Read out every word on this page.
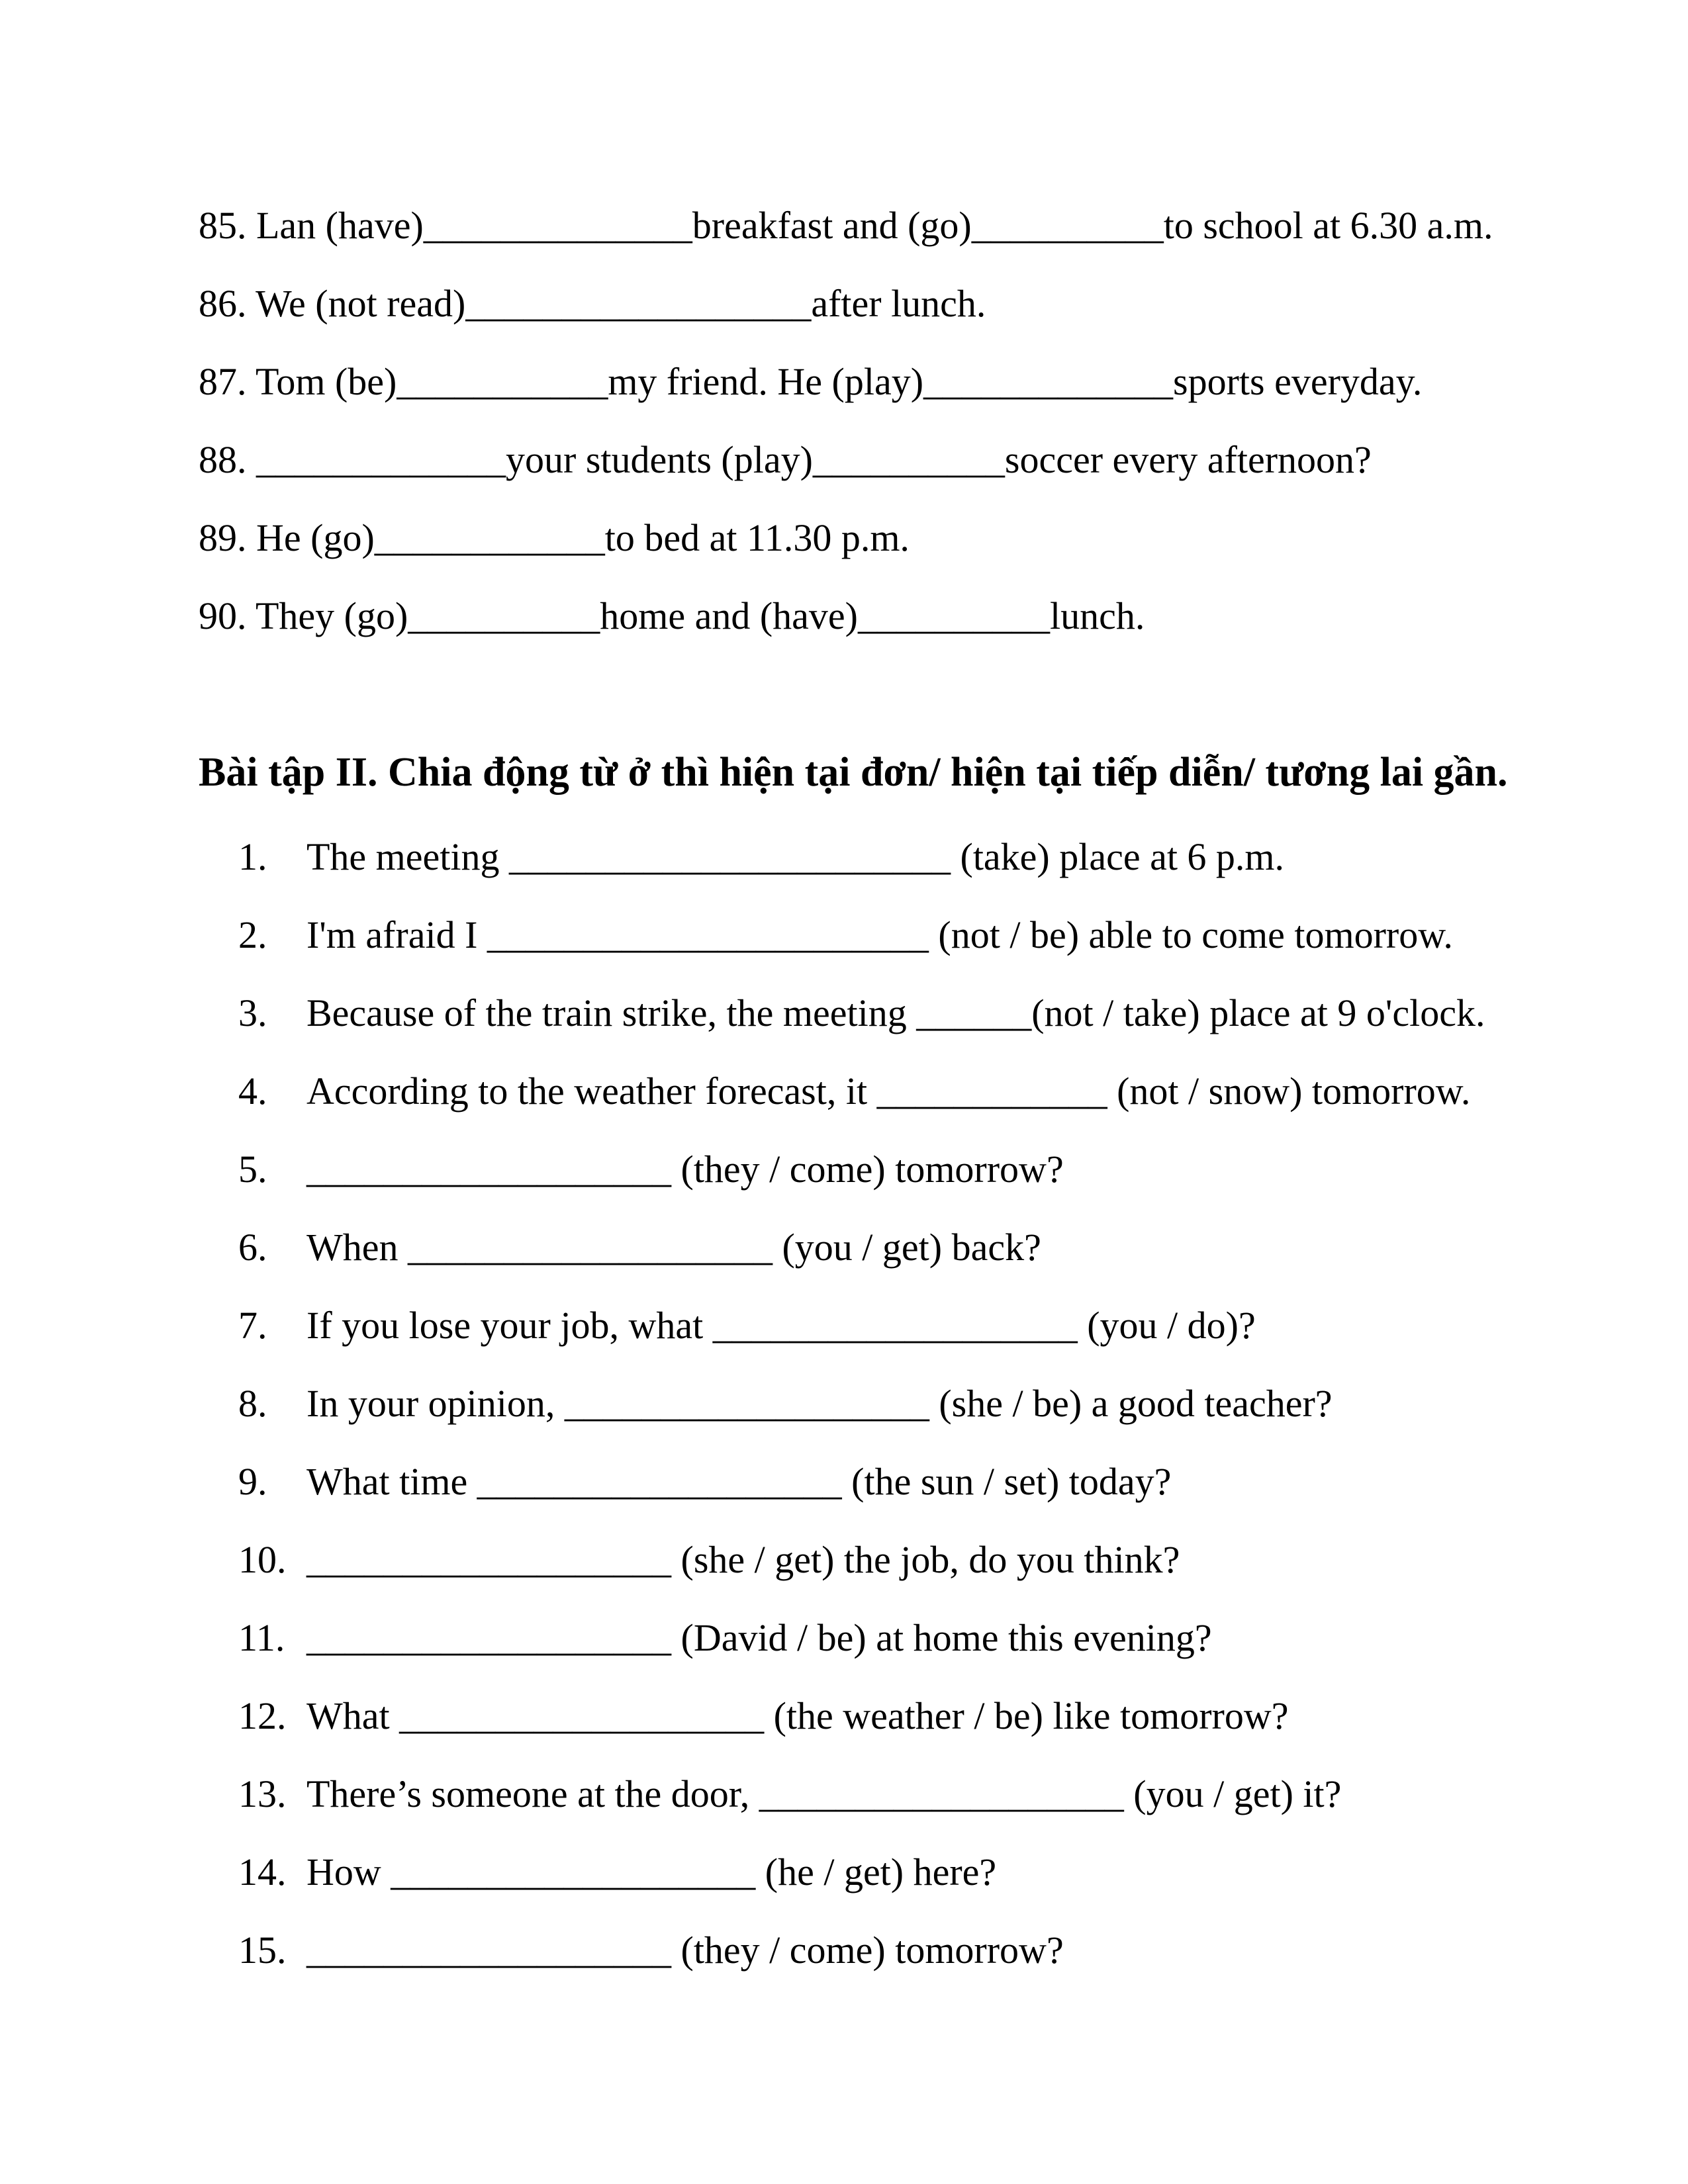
85. Lan (have)______________breakfast and (go)__________to school at 6.30 a.m.
86. We (not read)__________________after lunch.
87. Tom (be)___________my friend. He (play)_____________sports everyday.
88. _____________your students (play)__________soccer every afternoon?
89. He (go)____________to bed at 11.30 p.m.
90. They (go)__________home and (have)__________lunch.
Bài tập II. Chia động từ ở thì hiện tại đơn/ hiện tại tiếp diễn/ tương lai gần.
1.	The meeting _______________________ (take) place at 6 p.m.
2.	I'm afraid I _______________________ (not / be) able to come tomorrow.
3.	Because of the train strike, the meeting ______(not / take) place at 9 o'clock.
4.	According to the weather forecast, it ____________ (not / snow) tomorrow.
5.	___________________ (they / come) tomorrow?
6.	When ___________________ (you / get) back?
7.	If you lose your job, what ___________________ (you / do)?
8.	In your opinion, ___________________ (she / be) a good teacher?
9.	What time ___________________ (the sun / set) today?
10. ___________________ (she / get) the job, do you think?
11. ___________________ (David / be) at home this evening?
12. What ___________________ (the weather / be) like tomorrow?
13. There’s someone at the door, ___________________ (you / get) it?
14. How ___________________ (he / get) here?
15. ___________________ (they / come) tomorrow?
